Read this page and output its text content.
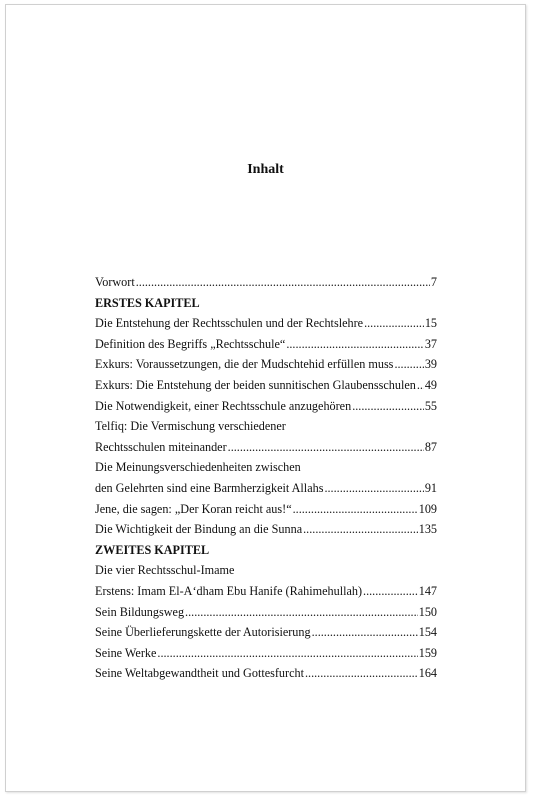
Inhalt
Vorwort .....	7
ERSTES KAPITEL
Die Entstehung der Rechtsschulen und der Rechtslehre .....	15
Definition des Begriffs „Rechtsschule“ .....	37
Exkurs: Voraussetzungen, die der Mudschtehid erfüllen muss .....	39
Exkurs: Die Entstehung der beiden sunnitischen Glaubensschulen ..... 49
Die Notwendigkeit, einer Rechtsschule anzugehören .....	55
Telfiq: Die Vermischung verschiedener
Rechtsschulen miteinander .....	87
Die Meinungsverschiedenheiten zwischen
den Gelehrten sind eine Barmherzigkeit Allahs .....	91
Jene, die sagen: „Der Koran reicht aus!“ .....	109
Die Wichtigkeit der Bindung an die Sunna .....	135
ZWEITES KAPITEL
Die vier Rechtsschul-Imame
Erstens: Imam El-A‘dham Ebu Hanife (Rahimehullah) .....	147
Sein Bildungsweg .....	150
Seine Überlieferungskette der Autorisierung .....	154
Seine Werke .....	159
Seine Weltabgewandtheit und Gottesfurcht .....	164
